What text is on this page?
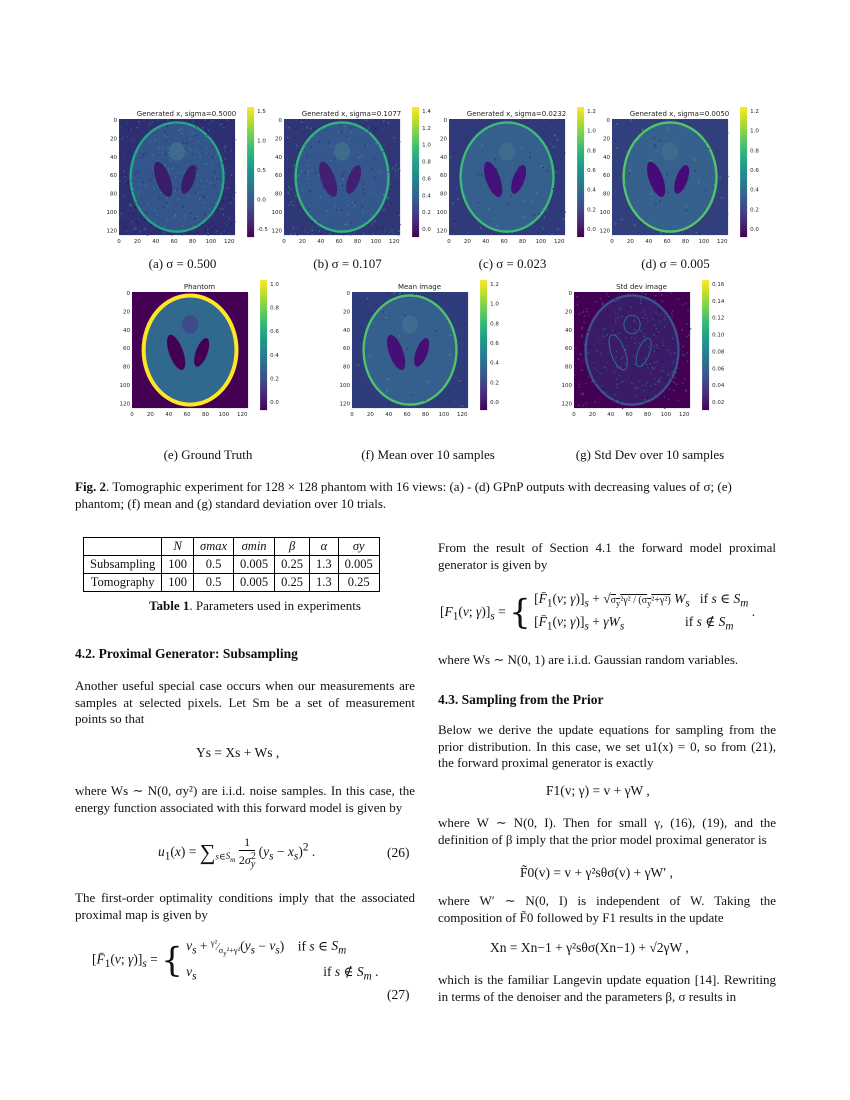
Generated x, sigma=0.5000
0 20 40 60 80 100 120
0
20
40
60
80
100
120
1.5
1.0
0.5
0.0
-0.5
(a) σ = 0.500
Generated x, sigma=0.1077
0 20 40 60 80 100 120
0
20
40
60
80
100
120
1.4
1.2
1.0
0.8
0.6
0.4
0.2
0.0
(b) σ = 0.107
Generated x, sigma=0.0232
0 20 40 60 80 100 120
0
20
40
60
80
100
120
1.2
1.0
0.8
0.6
0.4
0.2
0.0
(c) σ = 0.023
Generated x, sigma=0.0050
0 20 40 60 80 100 120
0
20
40
60
80
100
120
1.2
1.0
0.8
0.6
0.4
0.2
0.0
(d) σ = 0.005
Phantom
0 20 40 60 80 100 120
0
20
40
60
80
100
120
1.0
0.8
0.6
0.4
0.2
0.0
(e) Ground Truth
Mean image
0 20 40 60 80 100 120
0
20
40
60
80
100
120
1.2
1.0
0.8
0.6
0.4
0.2
0.0
(f) Mean over 10 samples
Std dev image
0 20 40 60 80 100 120
0
20
40
60
80
100
120
0.16
0.14
0.12
0.10
0.08
0.06
0.04
0.02
(g) Std Dev over 10 samples
Fig. 2. Tomographic experiment for 128 × 128 phantom with 16 views: (a) - (d) GPnP outputs with decreasing values of σ; (e) phantom; (f) mean and (g) standard deviation over 10 trials.
	N	σmax	σmin	β	α	σy
Subsampling	100	0.5	0.005	0.25	1.3	0.005
Tomography	100	0.5	0.005	0.25	1.3	0.25
Table 1. Parameters used in experiments
4.2. Proximal Generator: Subsampling
Another useful special case occurs when our measurements are samples at selected pixels. Let Sm be a set of measurement points so that
Ys = Xs + Ws ,
where Ws ∼ N(0, σy²) are i.i.d. noise samples. In this case, the energy function associated with this forward model is given by
$u_1(x) = \sum_{s\in S_m} \frac{1}{2\sigma^2_y} (y_s - x_s)^2$ .	(26)
The first-order optimality conditions imply that the associated proximal map is given by
[$F̄_1(v$; $\gamma)]_s$ = { $v_s$ + $^{\gamma^2}⁄_{\sigma_y^2+\gamma^2}(y_s - v_s)$    if s ∈ $S_m$
$v_s$	if s ∉ $S_m$ .
(27)
From the result of Section 4.1 the forward model proximal generator is given by
[$F_1(v$; $\gamma)]_s$ = { [$F̄_1(v$; $\gamma)]_s + √\sigma_y^2\gamma^2 / (\sigma_y^2+\gamma^2)$ $W_s$   if s ∈ $S_m$
[$F̄_1(v$; $\gamma)]_s + \gamma W_s$	if s ∉ $S_m$
.
where Ws ∼ N(0, 1) are i.i.d. Gaussian random variables.
4.3. Sampling from the Prior
Below we derive the update equations for sampling from the prior distribution. In this case, we set u1(x) = 0, so from (21), the forward proximal generator is exactly
F1(v; γ) = v + γW ,
where W ∼ N(0, I). Then for small γ, (16), (19), and the definition of β imply that the prior model proximal generator is
F̃0(v) = v + γ²sθσ(v) + γW′ ,
where W′ ∼ N(0, I) is independent of W. Taking the composition of F̃0 followed by F1 results in the update
Xn = Xn−1 + γ²sθσ(Xn−1) + √2γW ,
which is the familiar Langevin update equation [14]. Rewriting in terms of the denoiser and the parameters β, σ results in
